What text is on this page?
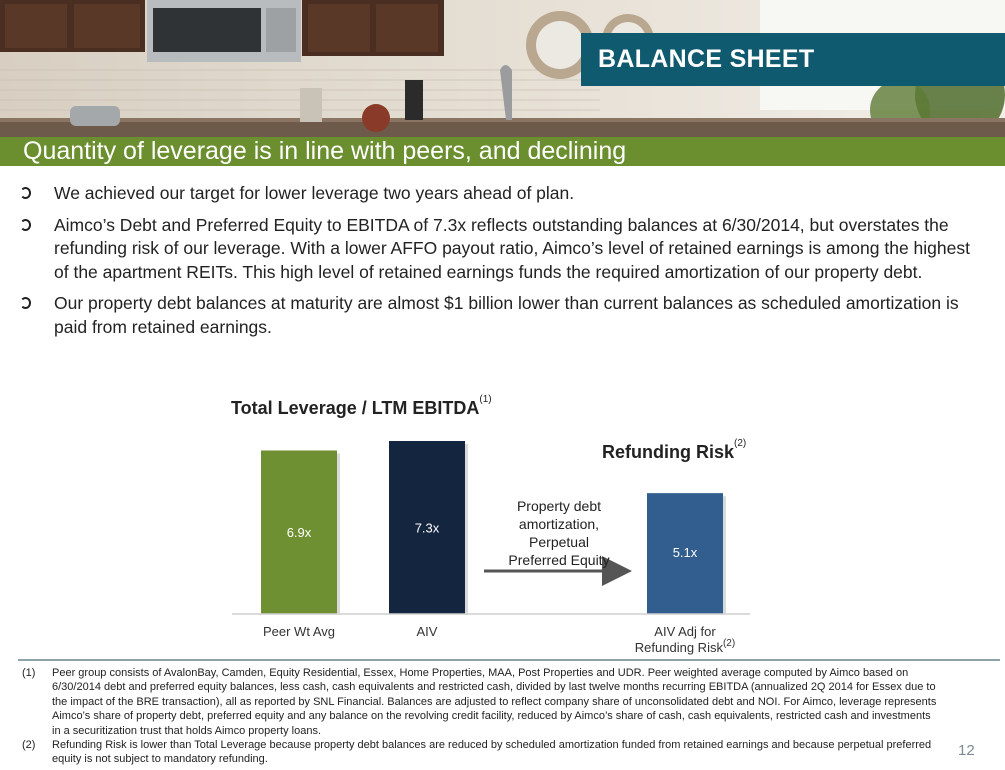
BALANCE SHEET
Quantity of leverage is in line with peers, and declining
We achieved our target for lower leverage two years ahead of plan.
Aimco’s Debt and Preferred Equity to EBITDA of 7.3x reflects outstanding balances at 6/30/2014, but overstates the refunding risk of our leverage. With a lower AFFO payout ratio, Aimco’s level of retained earnings is among the highest of the apartment REITs. This high level of retained earnings funds the required amortization of our property debt.
Our property debt balances at maturity are almost $1 billion lower than current balances as scheduled amortization is paid from retained earnings.
Total Leverage / LTM EBITDA$^{(1)}$
Refunding Risk$^{(2)}$
6.9x	7.3x
5.1x
Property debt
amortization,
Perpetual
Preferred Equity
Peer Wt Avg	AIV	AIV Adj for
Refunding Risk$^{(2)}$
(1) Peer group consists of AvalonBay, Camden, Equity Residential, Essex, Home Properties, MAA, Post Properties and UDR. Peer weighted average computed by Aimco based on 6/30/2014 debt and preferred equity balances, less cash, cash equivalents and restricted cash, divided by last twelve months recurring EBITDA (annualized 2Q 2014 for Essex due to the impact of the BRE transaction), all as reported by SNL Financial. Balances are adjusted to reflect company share of unconsolidated debt and NOI. For Aimco, leverage represents Aimco’s share of property debt, preferred equity and any balance on the revolving credit facility, reduced by Aimco’s share of cash, cash equivalents, restricted cash and investments in a securitization trust that holds Aimco property loans.
(2) Refunding Risk is lower than Total Leverage because property debt balances are reduced by scheduled amortization funded from retained earnings and because perpetual preferred equity is not subject to mandatory refunding.
12
